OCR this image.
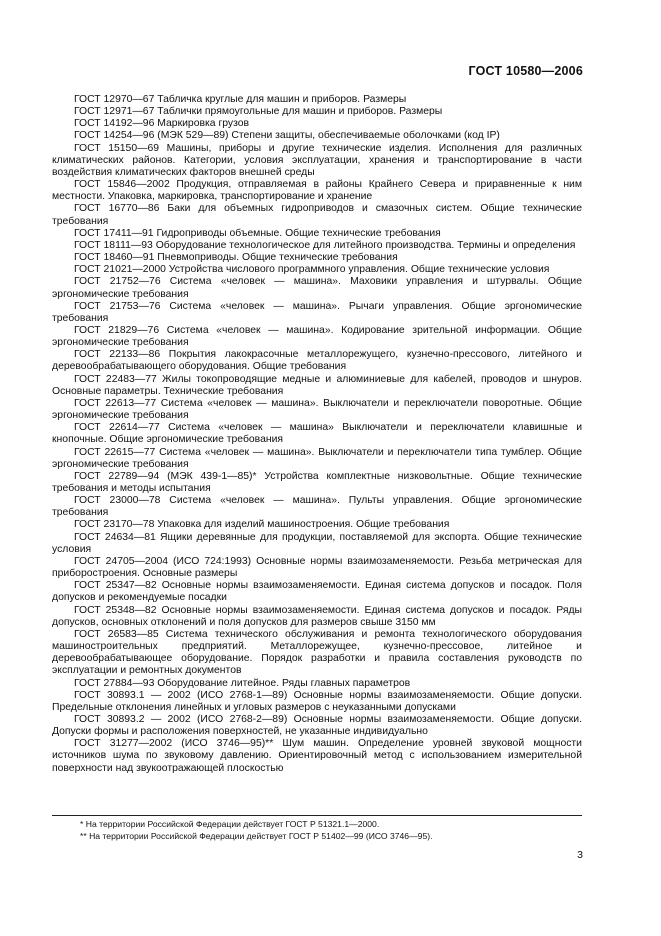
ГОСТ 10580—2006

ГОСТ 12970—67 Табличка круглые для машин и приборов. Размеры

ГОСТ 12971—67 Таблички прямоугольные для машин и приборов. Размеры

ГОСТ 14192—96 Маркировка грузов

ГОСТ 14254—96 (МЭК 529—89) Степени защиты, обеспечиваемые оболочками (код IP)

ГОСТ 15150—69 Машины, приборы и другие технические изделия. Исполнения для различных климатических районов. Категории, условия эксплуатации, хранения и транспортирование в части воздействия климатических факторов внешней среды

ГОСТ 15846—2002 Продукция, отправляемая в районы Крайнего Севера и приравненные к ним местности. Упаковка, маркировка, транспортирование и хранение

ГОСТ 16770—86 Баки для объемных гидроприводов и смазочных систем. Общие технические требования

ГОСТ 17411—91 Гидроприводы объемные. Общие технические требования

ГОСТ 18111—93 Оборудование технологическое для литейного производства. Термины и определения

ГОСТ 18460—91 Пневмоприводы. Общие технические требования

ГОСТ 21021—2000 Устройства числового программного управления. Общие технические условия

ГОСТ 21752—76 Система «человек — машина». Маховики управления и штурвалы. Общие эргономические требования

ГОСТ 21753—76 Система «человек — машина». Рычаги управления. Общие эргономические требования

ГОСТ 21829—76 Система «человек — машина». Кодирование зрительной информации. Общие эргономические требования

ГОСТ 22133—86 Покрытия лакокрасочные металлорежущего, кузнечно-прессового, литейного и деревообрабатывающего оборудования. Общие требования

ГОСТ 22483—77 Жилы токопроводящие медные и алюминиевые для кабелей, проводов и шнуров. Основные параметры. Технические требования

ГОСТ 22613—77 Система «человек — машина». Выключатели и переключатели поворотные. Общие эргономические требования

ГОСТ 22614—77 Система «человек — машина» Выключатели и переключатели клавишные и кнопочные. Общие эргономические требования

ГОСТ 22615—77 Система «человек — машина». Выключатели и переключатели типа тумблер. Общие эргономические требования

ГОСТ 22789—94 (МЭК 439-1—85)* Устройства комплектные низковольтные. Общие технические требования и методы испытания

ГОСТ 23000—78 Система «человек — машина». Пульты управления. Общие эргономические требования

ГОСТ 23170—78 Упаковка для изделий машиностроения. Общие требования

ГОСТ 24634—81 Ящики деревянные для продукции, поставляемой для экспорта. Общие технические условия

ГОСТ 24705—2004 (ИСО 724:1993) Основные нормы взаимозаменяемости. Резьба метрическая для приборостроения. Основные размеры

ГОСТ 25347—82 Основные нормы взаимозаменяемости. Единая система допусков и посадок. Поля допусков и рекомендуемые посадки

ГОСТ 25348—82 Основные нормы взаимозаменяемости. Единая система допусков и посадок. Ряды допусков, основных отклонений и поля допусков для размеров свыше 3150 мм

ГОСТ 26583—85 Система технического обслуживания и ремонта технологического оборудования машиностроительных предприятий. Металлорежущее, кузнечно-прессовое, литейное и деревообрабатывающее оборудование. Порядок разработки и правила составления руководств по эксплуатации и ремонтных документов

ГОСТ 27884—93 Оборудование литейное. Ряды главных параметров

ГОСТ 30893.1 — 2002 (ИСО 2768-1—89) Основные нормы взаимозаменяемости. Общие допуски. Предельные отклонения линейных и угловых размеров с неуказанными допусками

ГОСТ 30893.2 — 2002 (ИСО 2768-2—89) Основные нормы взаимозаменяемости. Общие допуски. Допуски формы и расположения поверхностей, не указанные индивидуально

ГОСТ 31277—2002 (ИСО 3746—95)** Шум машин. Определение уровней звуковой мощности источников шума по звуковому давлению. Ориентировочный метод с использованием измерительной поверхности над звукоотражающей плоскостью

* На территории Российской Федерации действует ГОСТ Р 51321.1—2000.

** На территории Российской Федерации действует ГОСТ Р 51402—99 (ИСО 3746—95).

3
